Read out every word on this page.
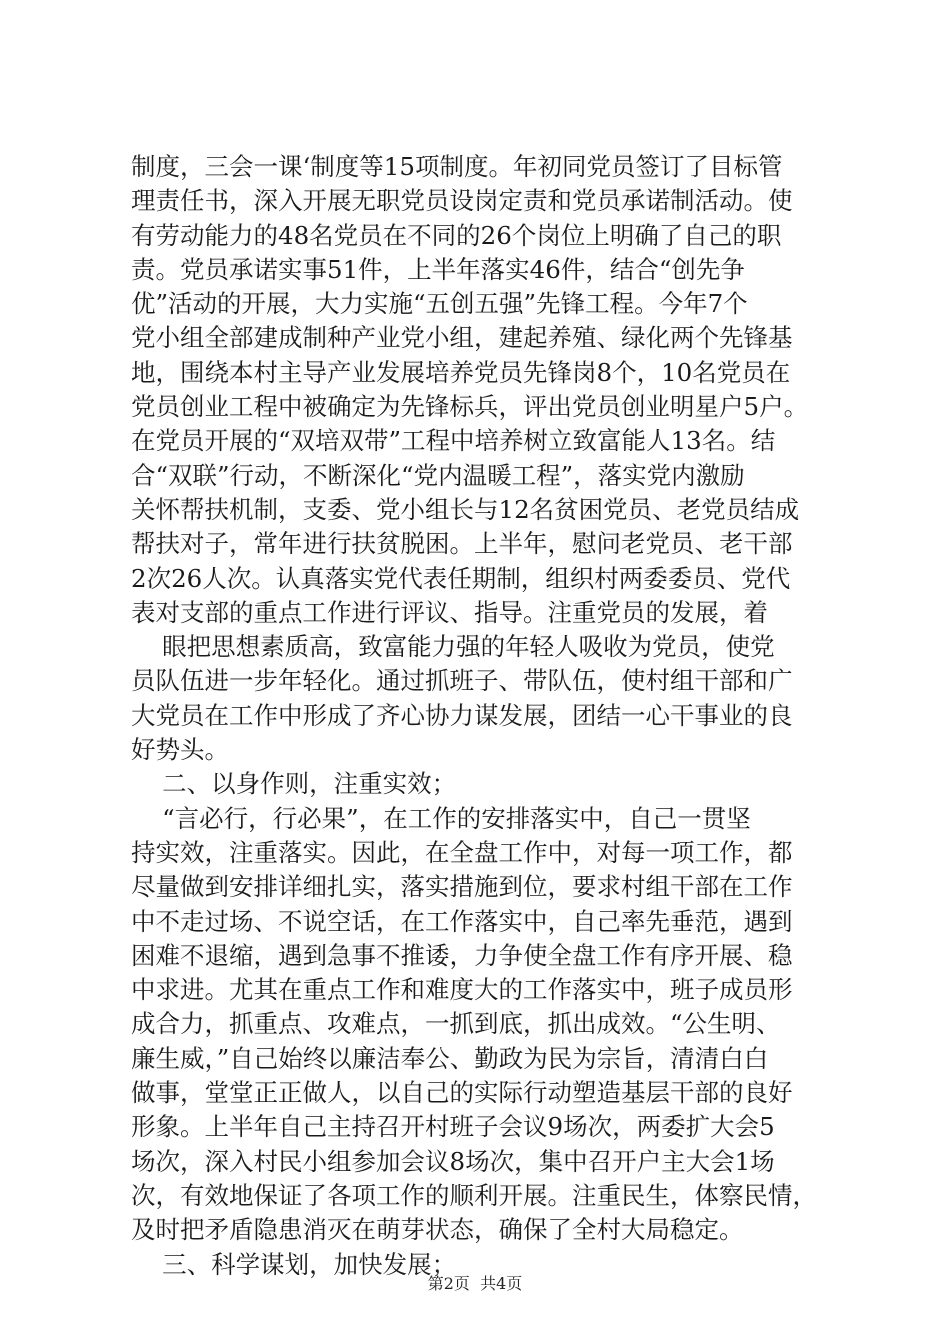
制度，三会一课‘制度等15项制度。年初同党员签订了目标管
理责任书，深入开展无职党员设岗定责和党员承诺制活动。使
有劳动能力的48名党员在不同的26个岗位上明确了自己的职
责。党员承诺实事51件，上半年落实46件，结合“创先争
优”活动的开展，大力实施“五创五强”先锋工程。今年7个
党小组全部建成制种产业党小组，建起养殖、绿化两个先锋基
地，围绕本村主导产业发展培养党员先锋岗8个，10名党员在
党员创业工程中被确定为先锋标兵，评出党员创业明星户5户。
在党员开展的“双培双带”工程中培养树立致富能人13名。结
合“双联”行动，不断深化“党内温暖工程”，落实党内激励
关怀帮扶机制，支委、党小组长与12名贫困党员、老党员结成
帮扶对子，常年进行扶贫脱困。上半年，慰问老党员、老干部
2次26人次。认真落实党代表任期制，组织村两委委员、党代
表对支部的重点工作进行评议、指导。注重党员的发展，着
眼把思想素质高，致富能力强的年轻人吸收为党员，使党
员队伍进一步年轻化。通过抓班子、带队伍，使村组干部和广
大党员在工作中形成了齐心协力谋发展，团结一心干事业的良
好势头。
二、以身作则，注重实效；
“言必行，行必果”，在工作的安排落实中，自己一贯坚
持实效，注重落实。因此，在全盘工作中，对每一项工作，都
尽量做到安排详细扎实，落实措施到位，要求村组干部在工作
中不走过场、不说空话，在工作落实中，自己率先垂范，遇到
困难不退缩，遇到急事不推诿，力争使全盘工作有序开展、稳
中求进。尤其在重点工作和难度大的工作落实中，班子成员形
成合力，抓重点、攻难点，一抓到底，抓出成效。“公生明、
廉生威，”自己始终以廉洁奉公、勤政为民为宗旨，清清白白
做事，堂堂正正做人，以自己的实际行动塑造基层干部的良好
形象。上半年自己主持召开村班子会议9场次，两委扩大会5
场次，深入村民小组参加会议8场次，集中召开户主大会1场
次，有效地保证了各项工作的顺利开展。注重民生，体察民情，
及时把矛盾隐患消灭在萌芽状态，确保了全村大局稳定。
三、科学谋划，加快发展；
第2页  共4页
